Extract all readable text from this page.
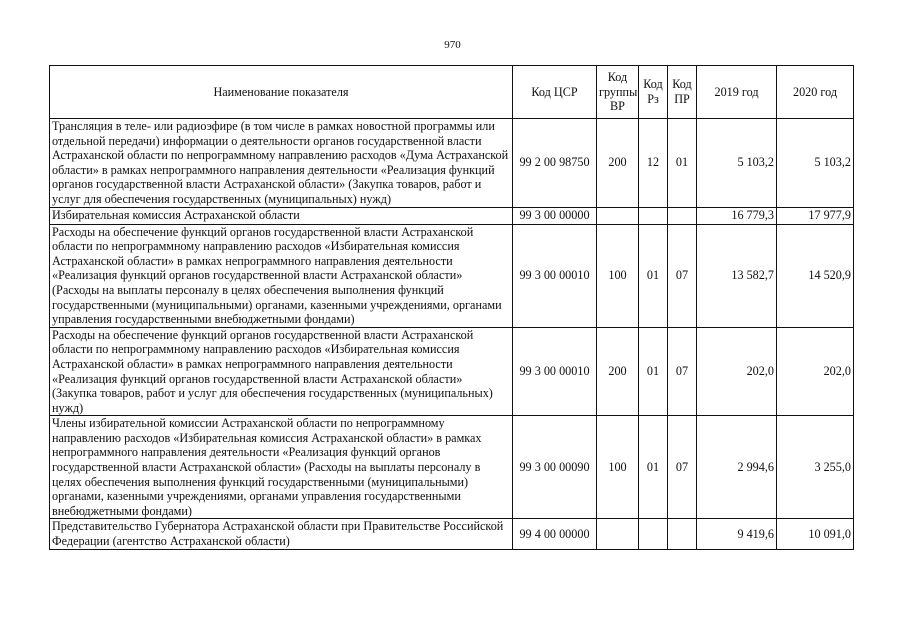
970
Наименование показателя	Код ЦСР	Код группы ВР	Код Рз	Код ПР	2019 год	2020 год
Трансляция в теле- или радиоэфире (в том числе в рамках новостной программы или отдельной передачи) информации о деятельности органов государственной власти Астраханской области по непрограммному направлению расходов «Дума Астраханской области» в рамках непрограммного направления деятельности «Реализация функций органов государственной власти Астраханской области» (Закупка товаров, работ и услуг для обеспечения государственных (муниципальных) нужд)	99 2 00 98750	200	12	01	5 103,2	5 103,2
Избирательная комиссия Астраханской области	99 3 00 00000				16 779,3	17 977,9
Расходы на обеспечение функций органов государственной власти Астраханской области по непрограммному направлению расходов «Избирательная комиссия Астраханской области» в рамках непрограммного направления деятельности «Реализация функций органов государственной власти Астраханской области» (Расходы на выплаты персоналу в целях обеспечения выполнения функций государственными (муниципальными) органами, казенными учреждениями, органами управления государственными внебюджетными фондами)	99 3 00 00010	100	01	07	13 582,7	14 520,9
Расходы на обеспечение функций органов государственной власти Астраханской области по непрограммному направлению расходов «Избирательная комиссия Астраханской области» в рамках непрограммного направления деятельности «Реализация функций органов государственной власти Астраханской области» (Закупка товаров, работ и услуг для обеспечения государственных (муниципальных) нужд)	99 3 00 00010	200	01	07	202,0	202,0
Члены избирательной комиссии Астраханской области по непрограммному направлению расходов «Избирательная комиссия Астраханской области» в рамках непрограммного направления деятельности «Реализация функций органов государственной власти Астраханской области» (Расходы на выплаты персоналу в целях обеспечения выполнения функций государственными (муниципальными) органами, казенными учреждениями, органами управления государственными внебюджетными фондами)	99 3 00 00090	100	01	07	2 994,6	3 255,0
Представительство Губернатора Астраханской области при Правительстве Российской Федерации (агентство Астраханской области)	99 4 00 00000				9 419,6	10 091,0
